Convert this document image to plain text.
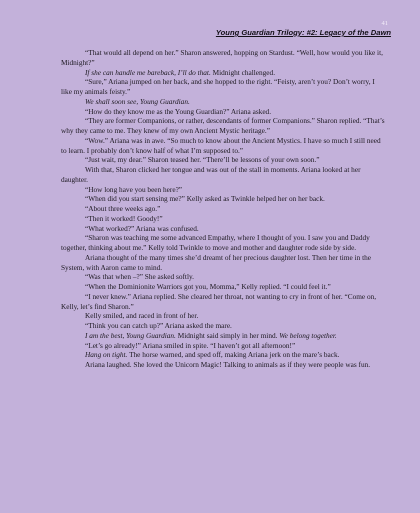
41
Young Guardian Trilogy: #2: Legacy of the Dawn

“That would all depend on her.” Sharon answered, hopping on Stardust. “Well, how would you like it, Midnight?”

If she can handle me bareback, I’ll do that. Midnight challenged.

“Sure,” Ariana jumped on her back, and she hopped to the right. “Feisty, aren’t you? Don’t worry, I like my animals feisty.”

We shall soon see, Young Guardian.

“How do they know me as the Young Guardian?” Ariana asked.

“They are former Companions, or rather, descendants of former Companions.” Sharon replied. “That’s why they came to me. They knew of my own Ancient Mystic heritage.”

“Wow.” Ariana was in awe. “So much to know about the Ancient Mystics. I have so much I still need to learn. I probably don’t know half of what I’m supposed to.”

“Just wait, my dear.” Sharon teased her. “There’ll be lessons of your own soon.”

With that, Sharon clicked her tongue and was out of the stall in moments. Ariana looked at her daughter.

“How long have you been here?”

“When did you start sensing me?” Kelly asked as Twinkle helped her on her back.

“About three weeks ago.”

“Then it worked! Goody!”

“What worked?” Ariana was confused.

“Sharon was teaching me some advanced Empathy, where I thought of you. I saw you and Daddy together, thinking about me.” Kelly told Twinkle to move and mother and daughter rode side by side.

Ariana thought of the many times she’d dreamt of her precious daughter lost. Then her time in the System, with Aaron came to mind.

“Was that when –?” She asked softly.

“When the Dominionite Warriors got you, Momma,” Kelly replied. “I could feel it.”

“I never knew.” Ariana replied. She cleared her throat, not wanting to cry in front of her. “Come on, Kelly, let’s find Sharon.”

Kelly smiled, and raced in front of her.

“Think you can catch up?” Ariana asked the mare.

I am the best, Young Guardian. Midnight said simply in her mind. We belong together.

“Let’s go already!” Ariana smiled in spite. “I haven’t got all afternoon!”

Hang on tight. The horse warned, and sped off, making Ariana jerk on the mare’s back.

Ariana laughed. She loved the Unicorn Magic! Talking to animals as if they were people was fun.
